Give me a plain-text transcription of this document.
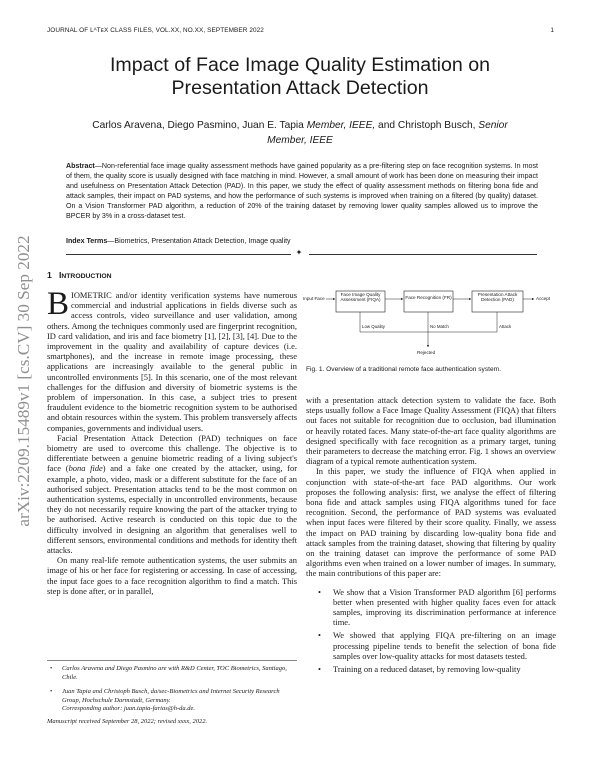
JOURNAL OF LᴬTᴇX CLASS FILES, VOL.XX, NO.XX, SEPTEMBER 2022	1
arXiv:2209.15489v1 [cs.CV] 30 Sep 2022
Impact of Face Image Quality Estimation on
Presentation Attack Detection
Carlos Aravena, Diego Pasmino, Juan E. Tapia Member, IEEE, and Christoph Busch, Senior
Member, IEEE
Abstract—Non-referential face image quality assessment methods have gained popularity as a pre-filtering step on face recognition systems. In most of them, the quality score is usually designed with face matching in mind. However, a small amount of work has been done on measuring their impact and usefulness on Presentation Attack Detection (PAD). In this paper, we study the effect of quality assessment methods on filtering bona fide and attack samples, their impact on PAD systems, and how the performance of such systems is improved when training on a filtered (by quality) dataset. On a Vision Transformer PAD algorithm, a reduction of 20% of the training dataset by removing lower quality samples allowed us to improve the BPCER by 3% in a cross-dataset test.
Index Terms—Biometrics, Presentation Attack Detection, Image quality
✦
1 INTRODUCTION

BIOMETRIC and/or identity verification systems have numerous commercial and industrial applications in fields diverse such as access controls, video surveillance and user validation, among others. Among the techniques commonly used are fingerprint recognition, ID card validation, and iris and face biometry [1], [2], [3], [4]. Due to the improvement in the quality and availability of capture devices (i.e. smartphones), and the increase in remote image processing, these applications are increasingly available to the general public in uncontrolled environments [5]. In this scenario, one of the most relevant challenges for the diffusion and diversity of biometric systems is the problem of impersonation. In this case, a subject tries to present fraudulent evidence to the biometric recognition system to be authorised and obtain resources within the system. This problem transversely affects companies, governments and individual users.

Facial Presentation Attack Detection (PAD) techniques on face biometry are used to overcome this challenge. The objective is to differentiate between a genuine biometric reading of a living subject's face (bona fide) and a fake one created by the attacker, using, for example, a photo, video, mask or a different substitute for the face of an authorised subject. Presentation attacks tend to be the most common on authentication systems, especially in uncontrolled environments, because they do not necessarily require knowing the part of the attacker trying to be authorised. Active research is conducted on this topic due to the difficulty involved in designing an algorithm that generalises well to different sensors, environmental conditions and methods for identity theft attacks.

On many real-life remote authentication systems, the user submits an image of his or her face for registering or accessing. In case of accessing, the input face goes to a face recognition algorithm to find a match. This step is done after, or in parallel,

• Carlos Aravena and Diego Pasmino are with R&D Center, TOC Biometrics, Santiago, Chile.
• Juan Tapia and Christoph Busch, da/sec-Biometrics and Internet Security Research Group, Hochschule Darmstadt, Germany.
Corresponding author: juan.tapia-farias@h-da.de.
Manuscript received September 28, 2022; revised xxxx, 2022.
Input Face
Face Image Quality Assessment (FIQA)	Face Recognition (FR)
Presentation Attack Detection (PAD)	Accept
Low Quality	No Match	Attack
Rejected
Fig. 1. Overview of a traditional remote face authentication system.

with a presentation attack detection system to validate the face. Both steps usually follow a Face Image Quality Assessment (FIQA) that filters out faces not suitable for recognition due to occlusion, bad illumination or heavily rotated faces. Many state-of-the-art face quality algorithms are designed specifically with face recognition as a primary target, tuning their parameters to decrease the matching error. Fig. 1 shows an overview diagram of a typical remote authentication system.

In this paper, we study the influence of FIQA when applied in conjunction with state-of-the-art face PAD algorithms. Our work proposes the following analysis: first, we analyse the effect of filtering bona fide and attack samples using FIQA algorithms tuned for face recognition. Second, the performance of PAD systems was evaluated when input faces were filtered by their score quality. Finally, we assess the impact on PAD training by discarding low-quality bona fide and attack samples from the training dataset, showing that filtering by quality on the training dataset can improve the performance of some PAD algorithms even when trained on a lower number of images. In summary, the main contributions of this paper are:

• We show that a Vision Transformer PAD algorithm [6] performs better when presented with higher quality faces even for attack samples, improving its discrimination performance at inference time.
• We showed that applying FIQA pre-filtering on an image processing pipeline tends to benefit the selection of bona fide samples over low-quality attacks for most datasets tested.
• Training on a reduced dataset, by removing low-quality
